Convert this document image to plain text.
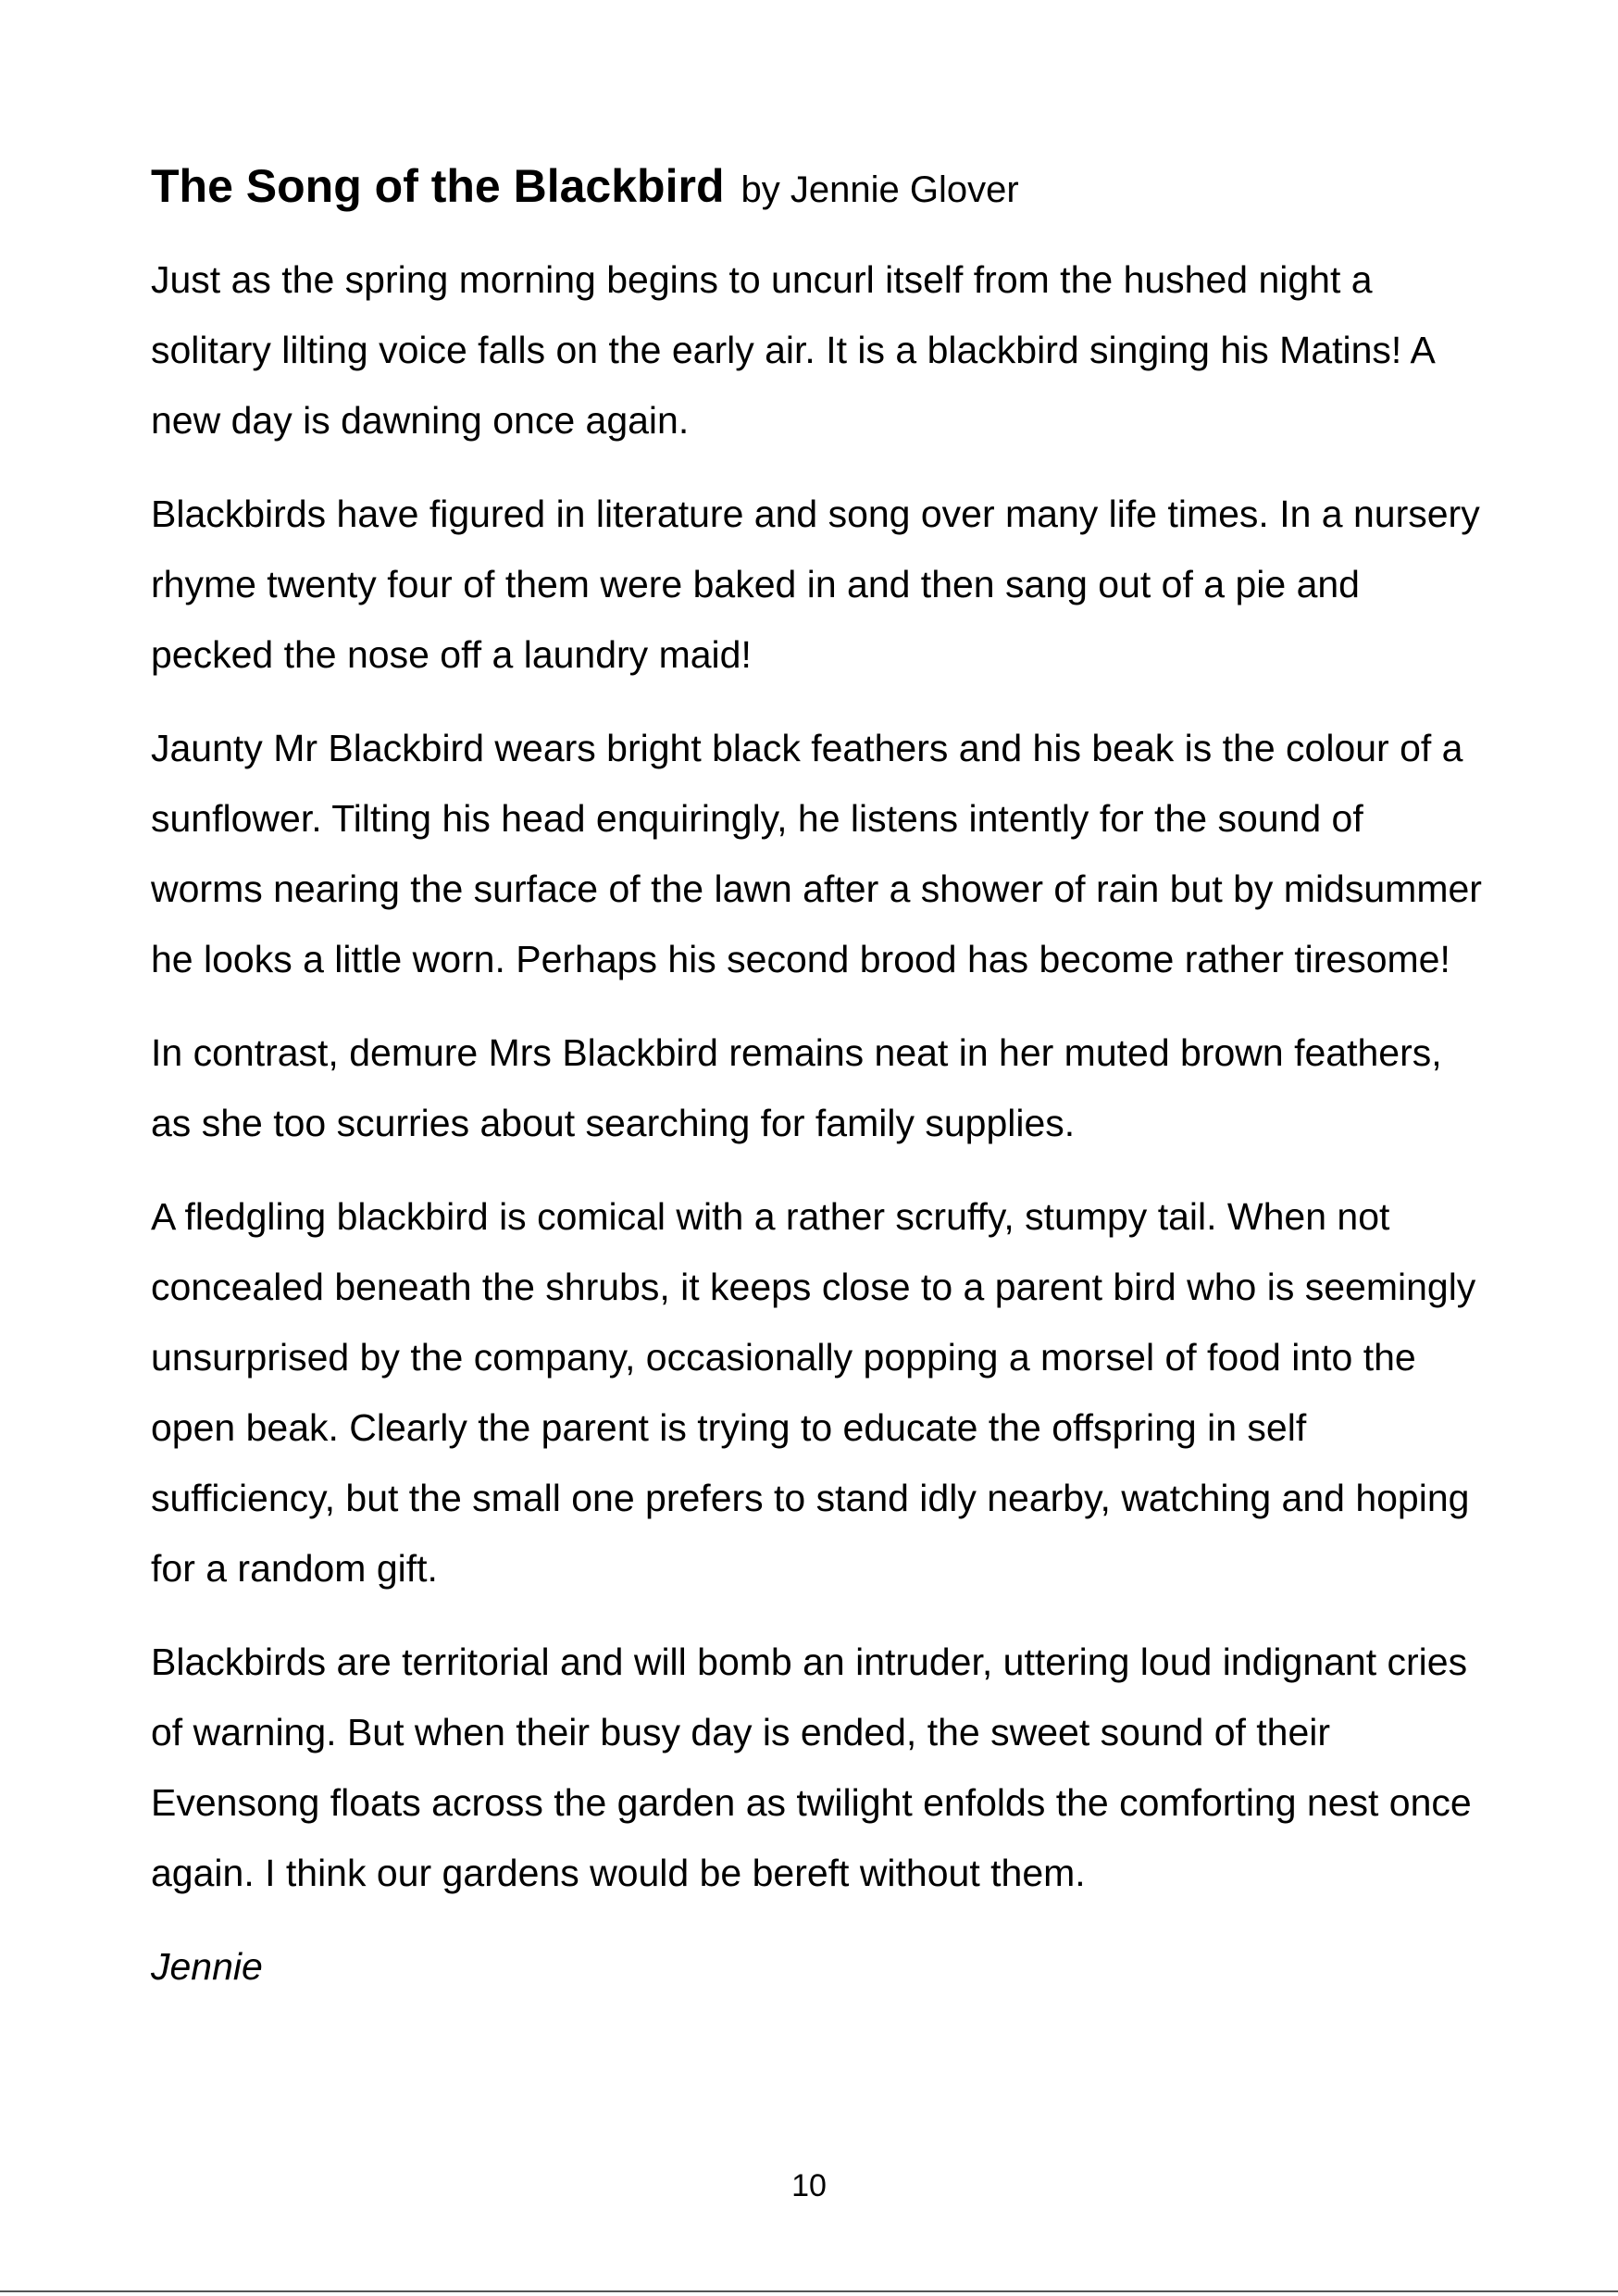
The Song of the Blackbird by Jennie Glover

Just as the spring morning begins to uncurl itself from the hushed night a solitary lilting voice falls on the early air. It is a blackbird singing his Matins! A new day is dawning once again.

Blackbirds have figured in literature and song over many life times. In a nursery rhyme twenty four of them were baked in and then sang out of a pie and pecked the nose off a laundry maid!

Jaunty Mr Blackbird wears bright black feathers and his beak is the colour of a sunflower. Tilting his head enquiringly, he listens intently for the sound of worms nearing the surface of the lawn after a shower of rain but by midsummer he looks a little worn. Perhaps his second brood has become rather tiresome!

In contrast, demure Mrs Blackbird remains neat in her muted brown feathers, as she too scurries about searching for family supplies.

A fledgling blackbird is comical with a rather scruffy, stumpy tail. When not concealed beneath the shrubs, it keeps close to a parent bird who is seemingly unsurprised by the company, occasionally popping a morsel of food into the open beak. Clearly the parent is trying to educate the offspring in self sufficiency, but the small one prefers to stand idly nearby, watching and hoping for a random gift.

Blackbirds are territorial and will bomb an intruder, uttering loud indignant cries of warning. But when their busy day is ended, the sweet sound of their Evensong floats across the garden as twilight enfolds the comforting nest once again. I think our gardens would be bereft without them.

Jennie

10
